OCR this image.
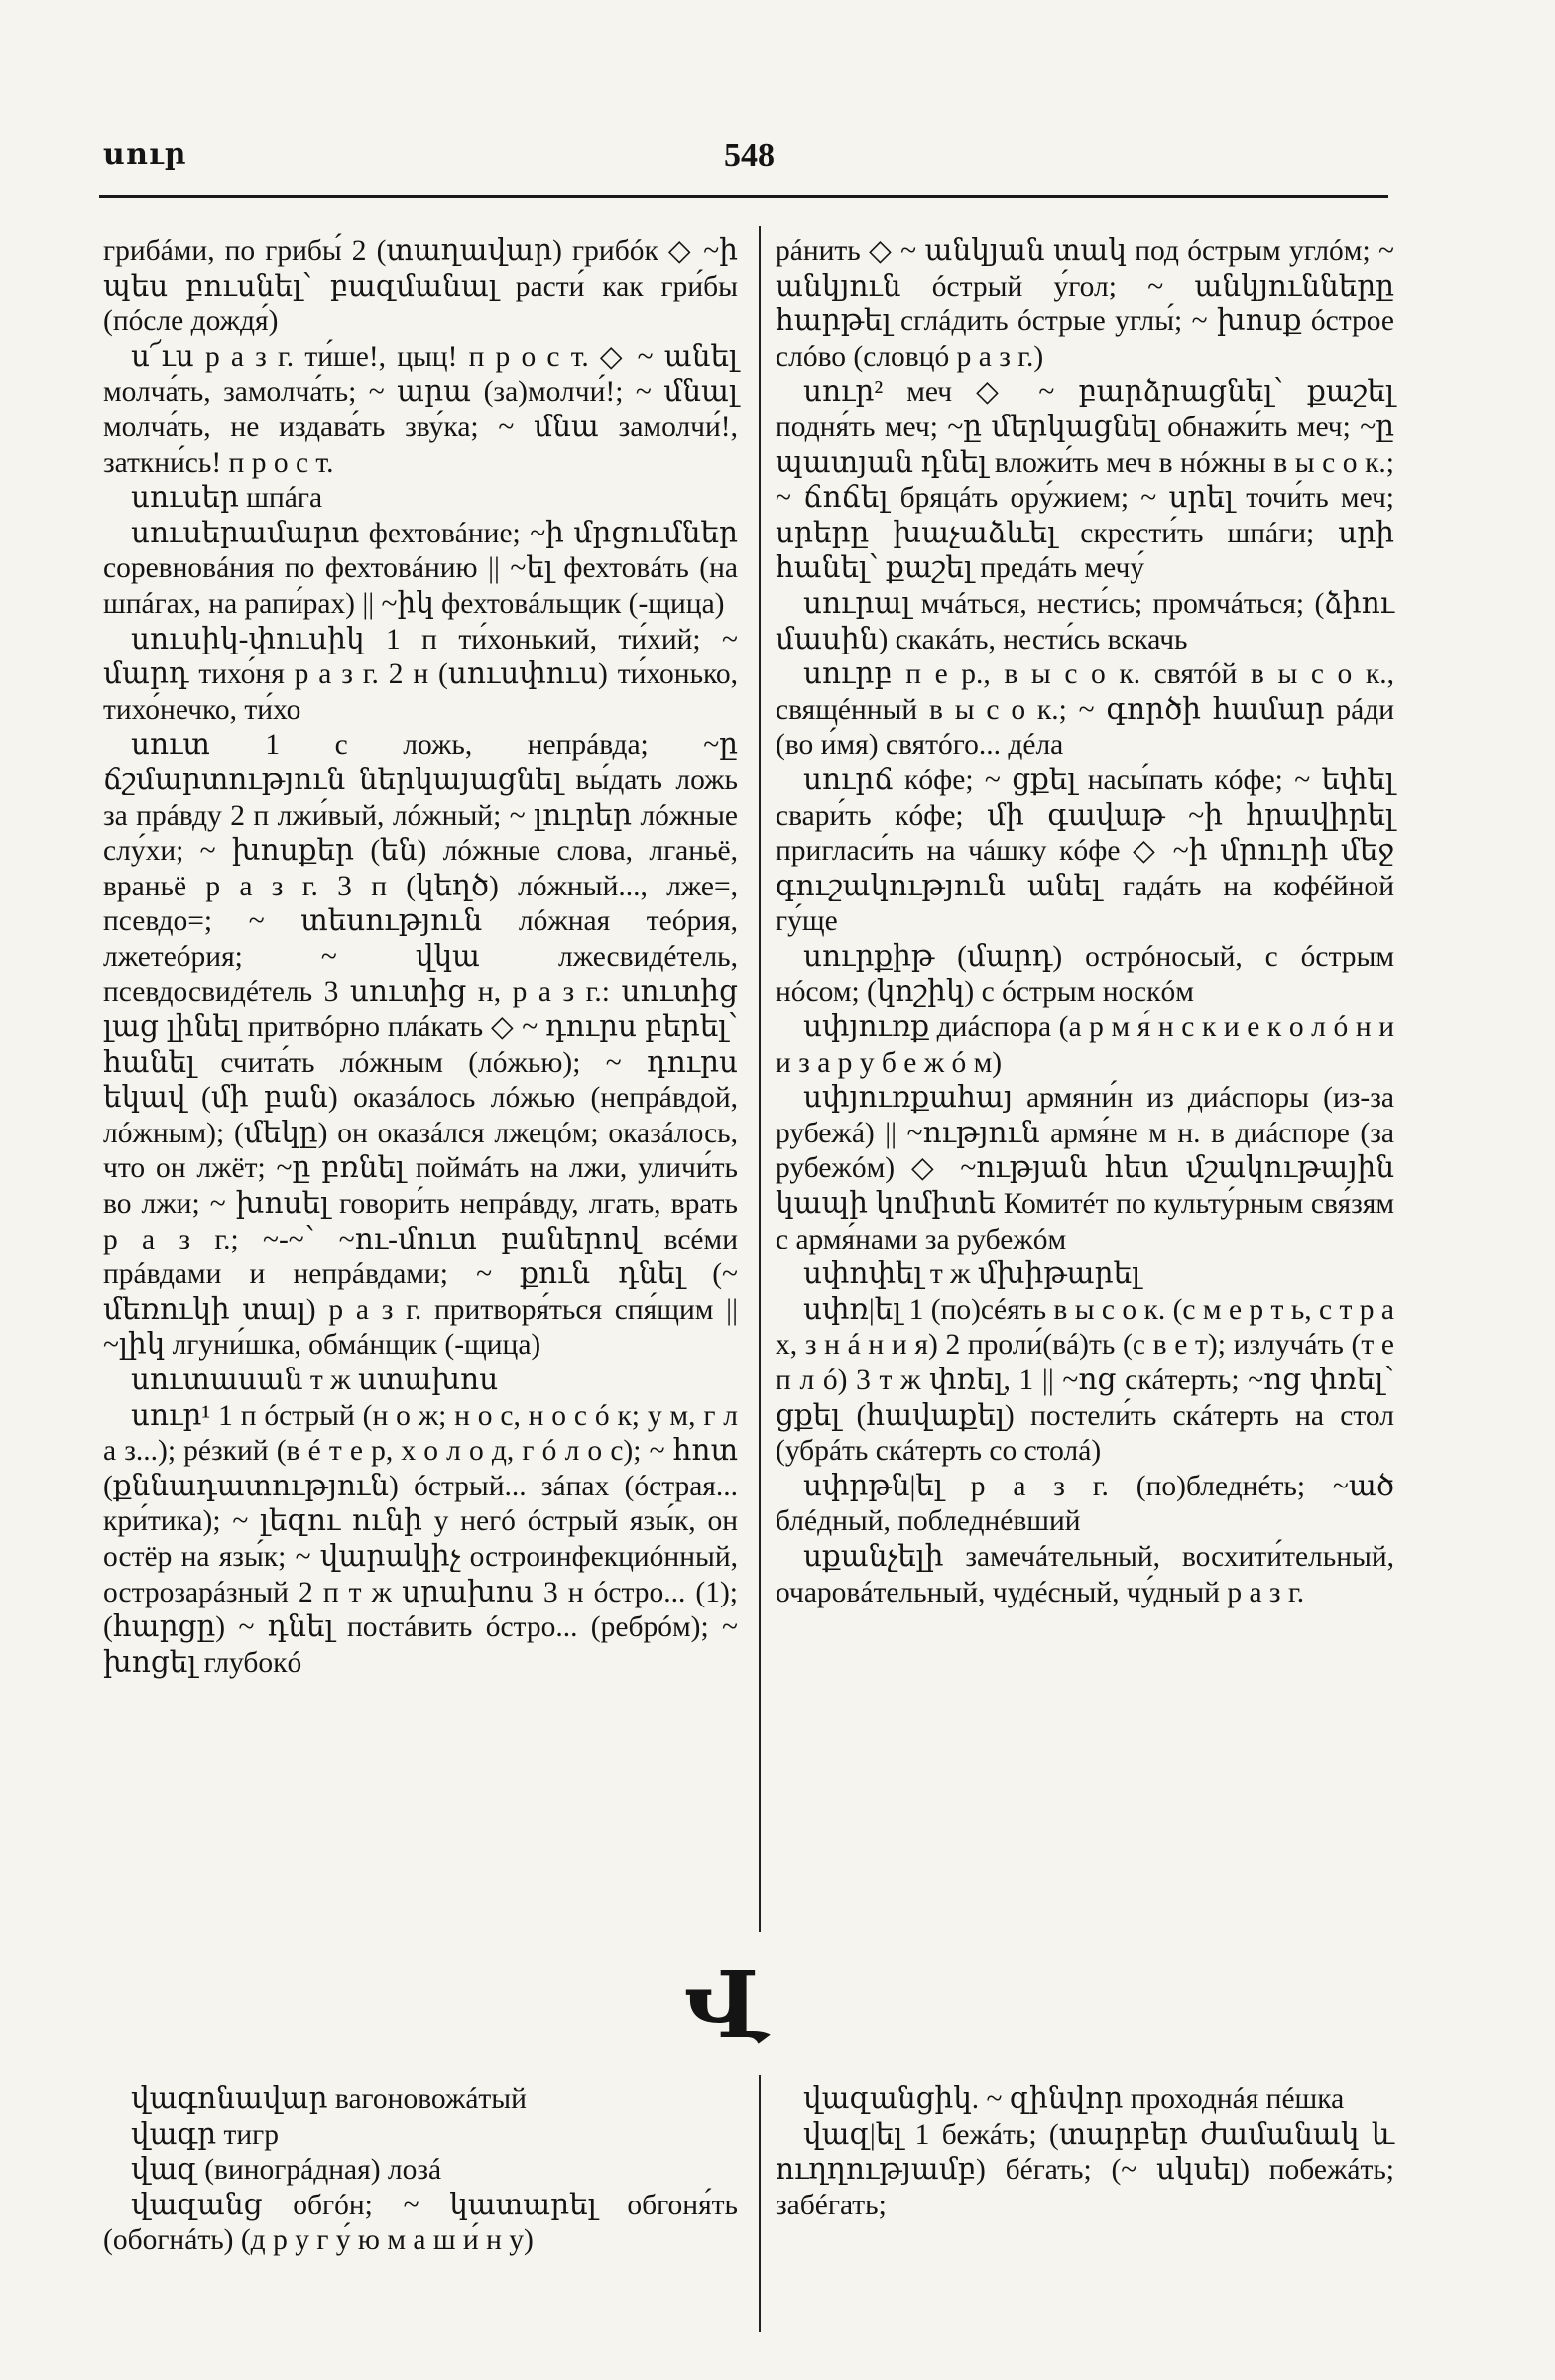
սուր	548

грибáми, по грибы́ 2 (տաղավար) грибóк ◇ ~ի պես բուսնել՝ բազմանալ расти́ как гри́бы (пóсле дождя́)

ս՜ւս р а з г. ти́ше!, цыц! п р о с т. ◇ ~ անել молча́ть, замолча́ть; ~ արա (за)молчи́!; ~ մնալ молча́ть, не издава́ть зву́ка; ~ մնա замолчи́!, заткни́сь! п р о с т.

սուսեր шпáга

սուսերամարտ фехтовáние; ~ի մրցումներ соревновáния по фехтовáнию || ~ել фехтовáть (на шпáгах, на рапи́рах) || ~իկ фехтовáльщик (-щица)

սուսիկ-փուսիկ 1 п ти́хонький, ти́хий; ~ մարդ тихо́ня р а з г. 2 н (սուսփուս) ти́хонько, тихо́нечко, ти́хо

սուտ 1 с ложь, непрáвда; ~ը ճշմարտություն ներկայացնել вы́дать ложь за прáвду 2 п лжи́вый, лóжный; ~ լուրեր лóжные слу́хи; ~ խոսքեր (են) лóжные слова, лганьё, враньё р а з г. 3 п (կեղծ) лóжный..., лже=, псевдо=; ~ տեսություն лóжная теóрия, лжетеóрия; ~ վկա лжесвидéтель, псевдосвидéтель 3 սուտից н, р а з г.: սուտից լաց լինել притвóрно плáкать ◇ ~ դուրս բերել՝ հանել счита́ть лóжным (лóжью); ~ դուրս եկավ (մի բան) оказáлось лóжью (непрáвдой, лóжным); (մեկը) он оказáлся лжецóм; оказáлось, что он лжёт; ~ը բռնել поймáть на лжи, уличи́ть во лжи; ~ խոսել говори́ть непрáвду, лгать, врать р а з г.; ~-~՝ ~ու-մուտ բաներով всéми прáвдами и непрáвдами; ~ քուն դնել (~ մեռուկի տալ) р а з г. притворя́ться спя́щим || ~լիկ лгуни́шка, обмáнщик (-щица)

սուտասան т ж ստախոս

սուր¹ 1 п óстрый (н о ж; н о с, н о с ó к; у м, г л а з...); рéзкий (в é т е р, х о л о д, г ó л о с); ~ հոտ (քննադատություն) óстрый... зáпах (óстрая... кри́тика); ~ լեզու ունի у негó óстрый язы́к, он остёр на язы́к; ~ վարակիչ остроинфекциóнный, острозарáзный 2 п т ж սրախոս 3 н óстро... (1); (հարցը) ~ դնել постáвить óстро... (ребрóм); ~ խոցել глубокó

рáнить ◇ ~ անկյան տակ под óстрым углóм; ~ անկյուն óстрый у́гол; ~ անկյունները հարթել сглáдить óстрые углы́; ~ խոսք óстрое слóво (словцó р а з г.)

սուր² меч ◇ ~ բարձրացնել՝ քաշել подня́ть меч; ~ը մերկացնել обнажи́ть меч; ~ը պատյան դնել вложи́ть меч в нóжны в ы с о к.; ~ ճոճել бряцáть ору́жием; ~ սրել точи́ть меч; սրերը խաչաձևել скрести́ть шпáги; սրի հանել՝ քաշել предáть мечу́

սուրալ мчáться, нести́сь; промчáться; (ձիու մասին) скакáть, нести́сь вскачь

սուրբ п е р., в ы с о к. святóй в ы с о к., свящéнный в ы с о к.; ~ գործի համար рáди (во и́мя) святóго... дéла

սուրճ кóфе; ~ ցքել насы́пать кóфе; ~ եփել свари́ть кóфе; մի գավաթ ~ի հրավիրել пригласи́ть на чáшку кóфе ◇ ~ի մրուրի մեջ գուշակություն անել гадáть на кофéйной гу́ще

սուրքիթ (մարդ) острóносый, с óстрым нóсом; (կոշիկ) с óстрым носкóм

սփյուռք диáспора (а р м я́ н с к и е к о л ó н и и з а р у б е ж ó м)

սփյուռքահայ армяни́н из диáспоры (из-за рубежá) || ~ություն армя́не м н. в диáспоре (за рубежóм) ◇ ~ության հետ մշակութային կապի կոմիտե Комитéт по культу́рным свя́зям с армя́нами за рубежóм

սփոփել т ж մխիթարել

սփռ|ել 1 (по)сéять в ы с о к. (с м е р т ь, с т р а х, з н á н и я) 2 проли́(вá)ть (с в е т); излучáть (т е п л ó) 3 т ж փռել, 1 || ~ոց скáтерть; ~ոց փռել՝ ցքել (հավաքել) постели́ть скáтерть на стол (убрáть скáтерть со столá)

սփրթն|ել р а з г. (по)бледнéть; ~ած блéдный, побледнéвший

սքանչելի замечáтельный, восхити́тельный, очаровáтельный, чудéсный, чу́дный р а з г.

Վ

վագոնավար вагоновожáтый

վագր тигр

վազ (виногрáдная) лозá

վազանց обгóн; ~ կատարել обгоня́ть (обогнáть) (д р у г у́ ю м а ш и́ н у)

վազանցիկ. ~ զինվոր проходнáя пéшка

վազ|ել 1 бежáть; (տարբեր ժամանակ և ուղղությամբ) бéгать; (~ սկսել) побежáть; забéгать;
